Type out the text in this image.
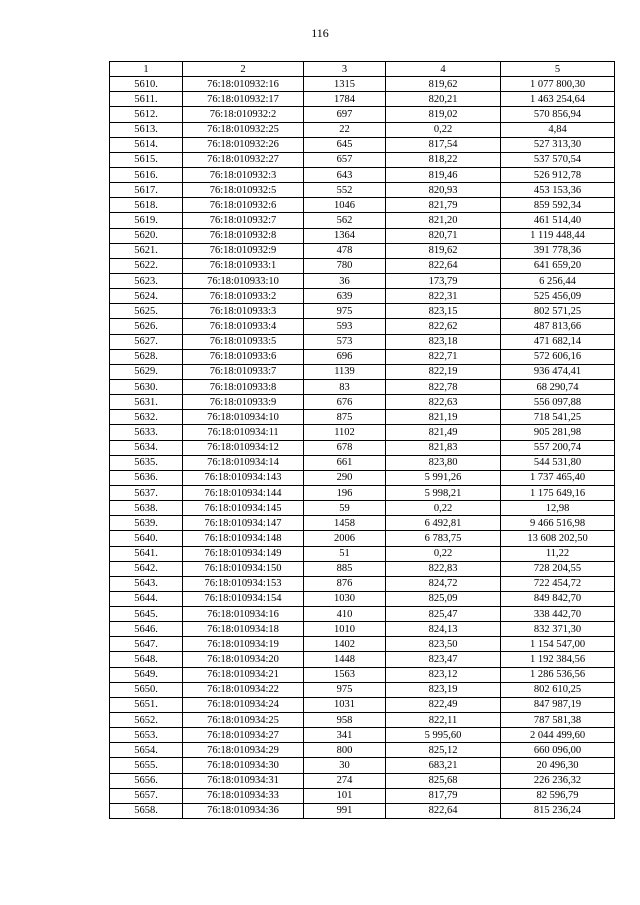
116
1	2	3	4	5
5610.	76:18:010932:16	1315	819,62	1 077 800,30
5611.	76:18:010932:17	1784	820,21	1 463 254,64
5612.	76:18:010932:2	697	819,02	570 856,94
5613.	76:18:010932:25	22	0,22	4,84
5614.	76:18:010932:26	645	817,54	527 313,30
5615.	76:18:010932:27	657	818,22	537 570,54
5616.	76:18:010932:3	643	819,46	526 912,78
5617.	76:18:010932:5	552	820,93	453 153,36
5618.	76:18:010932:6	1046	821,79	859 592,34
5619.	76:18:010932:7	562	821,20	461 514,40
5620.	76:18:010932:8	1364	820,71	1 119 448,44
5621.	76:18:010932:9	478	819,62	391 778,36
5622.	76:18:010933:1	780	822,64	641 659,20
5623.	76:18:010933:10	36	173,79	6 256,44
5624.	76:18:010933:2	639	822,31	525 456,09
5625.	76:18:010933:3	975	823,15	802 571,25
5626.	76:18:010933:4	593	822,62	487 813,66
5627.	76:18:010933:5	573	823,18	471 682,14
5628.	76:18:010933:6	696	822,71	572 606,16
5629.	76:18:010933:7	1139	822,19	936 474,41
5630.	76:18:010933:8	83	822,78	68 290,74
5631.	76:18:010933:9	676	822,63	556 097,88
5632.	76:18:010934:10	875	821,19	718 541,25
5633.	76:18:010934:11	1102	821,49	905 281,98
5634.	76:18:010934:12	678	821,83	557 200,74
5635.	76:18:010934:14	661	823,80	544 531,80
5636.	76:18:010934:143	290	5 991,26	1 737 465,40
5637.	76:18:010934:144	196	5 998,21	1 175 649,16
5638.	76:18:010934:145	59	0,22	12,98
5639.	76:18:010934:147	1458	6 492,81	9 466 516,98
5640.	76:18:010934:148	2006	6 783,75	13 608 202,50
5641.	76:18:010934:149	51	0,22	11,22
5642.	76:18:010934:150	885	822,83	728 204,55
5643.	76:18:010934:153	876	824,72	722 454,72
5644.	76:18:010934:154	1030	825,09	849 842,70
5645.	76:18:010934:16	410	825,47	338 442,70
5646.	76:18:010934:18	1010	824,13	832 371,30
5647.	76:18:010934:19	1402	823,50	1 154 547,00
5648.	76:18:010934:20	1448	823,47	1 192 384,56
5649.	76:18:010934:21	1563	823,12	1 286 536,56
5650.	76:18:010934:22	975	823,19	802 610,25
5651.	76:18:010934:24	1031	822,49	847 987,19
5652.	76:18:010934:25	958	822,11	787 581,38
5653.	76:18:010934:27	341	5 995,60	2 044 499,60
5654.	76:18:010934:29	800	825,12	660 096,00
5655.	76:18:010934:30	30	683,21	20 496,30
5656.	76:18:010934:31	274	825,68	226 236,32
5657.	76:18:010934:33	101	817,79	82 596,79
5658.	76:18:010934:36	991	822,64	815 236,24
